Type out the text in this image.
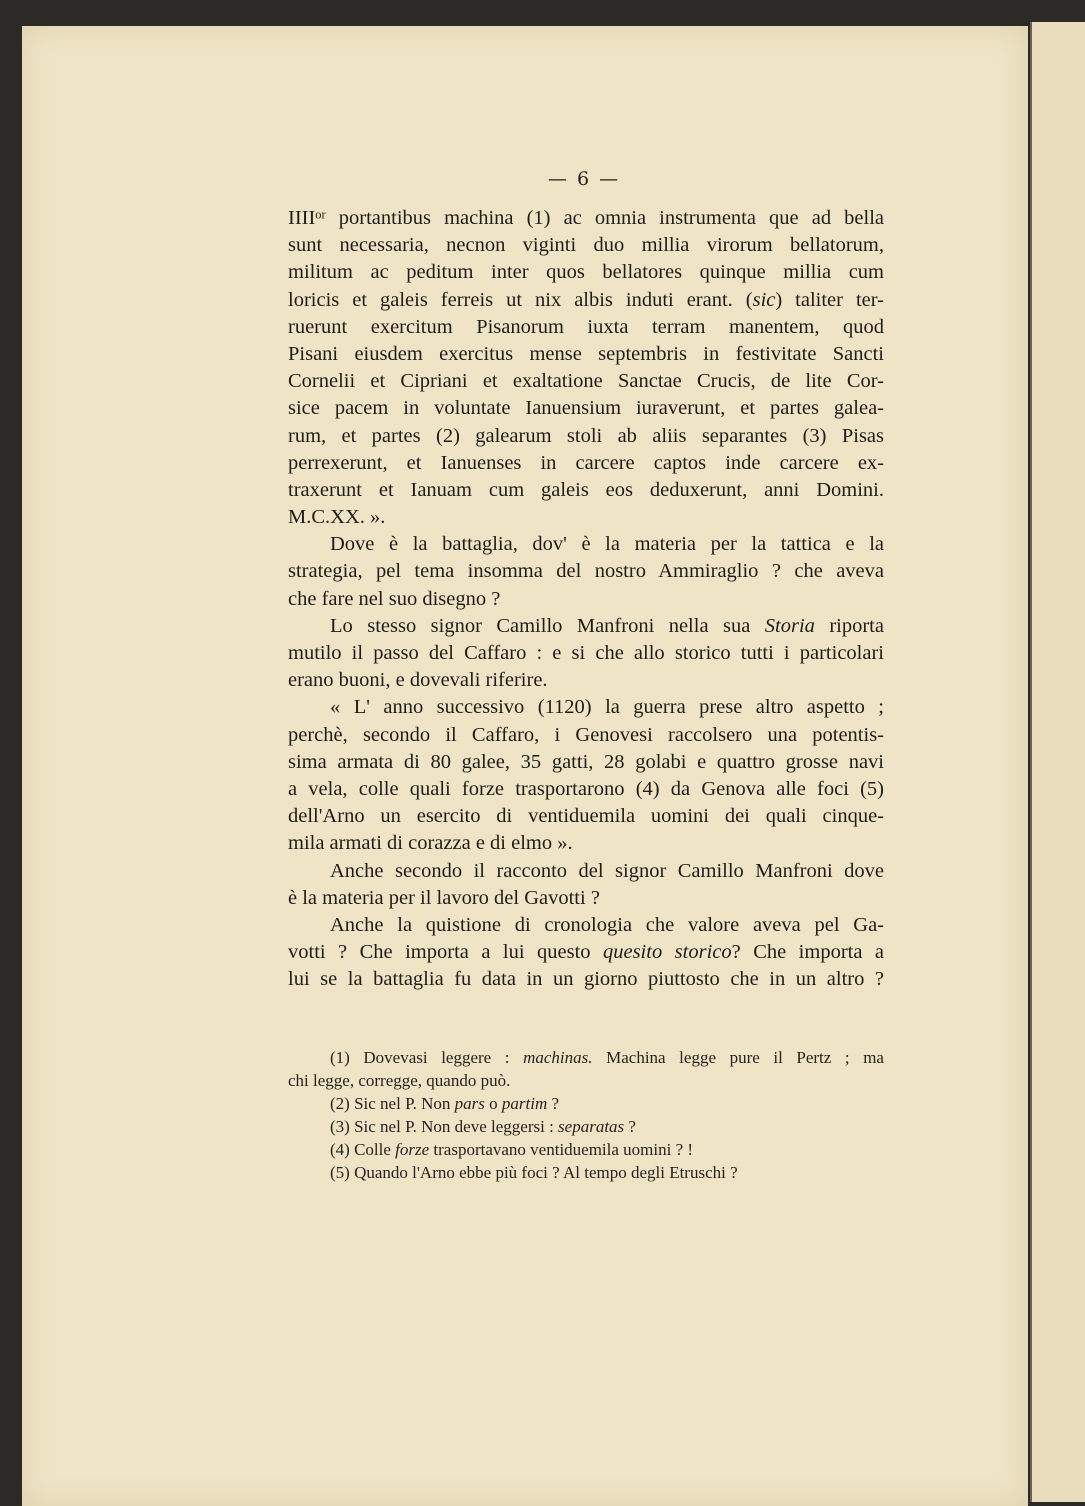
— 6 —
IIIIᵒʳ portantibus machina (1) ac omnia instrumenta que ad bella
sunt necessaria, necnon viginti duo millia virorum bellatorum,
militum ac peditum inter quos bellatores quinque millia cum
loricis et galeis ferreis ut nix albis induti erant. (sic) taliter ter-
ruerunt exercitum Pisanorum iuxta terram manentem, quod
Pisani eiusdem exercitus mense septembris in festivitate Sancti
Cornelii et Cipriani et exaltatione Sanctae Crucis, de lite Cor-
sice pacem in voluntate Ianuensium iuraverunt, et partes galea-
rum, et partes (2) galearum stoli ab aliis separantes (3) Pisas
perrexerunt, et Ianuenses in carcere captos inde carcere ex-
traxerunt et Ianuam cum galeis eos deduxerunt, anni Domini.
M.C.XX. ».
Dove è la battaglia, dov' è la materia per la tattica e la
strategia, pel tema insomma del nostro Ammiraglio ? che aveva
che fare nel suo disegno ?
Lo stesso signor Camillo Manfroni nella sua Storia riporta
mutilo il passo del Caffaro : e si che allo storico tutti i particolari
erano buoni, e dovevali riferire.
« L' anno successivo (1120) la guerra prese altro aspetto ;
perchè, secondo il Caffaro, i Genovesi raccolsero una potentis-
sima armata di 80 galee, 35 gatti, 28 golabi e quattro grosse navi
a vela, colle quali forze trasportarono (4) da Genova alle foci (5)
dell'Arno un esercito di ventiduemila uomini dei quali cinque-
mila armati di corazza e di elmo ».
Anche secondo il racconto del signor Camillo Manfroni dove
è la materia per il lavoro del Gavotti ?
Anche la quistione di cronologia che valore aveva pel Ga-
votti ? Che importa a lui questo quesito storico? Che importa a
lui se la battaglia fu data in un giorno piuttosto che in un altro ?
(1) Dovevasi leggere : machinas. Machina legge pure il Pertz ; ma
chi legge, corregge, quando può.
(2) Sic nel P. Non pars o partim ?
(3) Sic nel P. Non deve leggersi : separatas ?
(4) Colle forze trasportavano ventiduemila uomini ? !
(5) Quando l'Arno ebbe più foci ? Al tempo degli Etruschi ?
